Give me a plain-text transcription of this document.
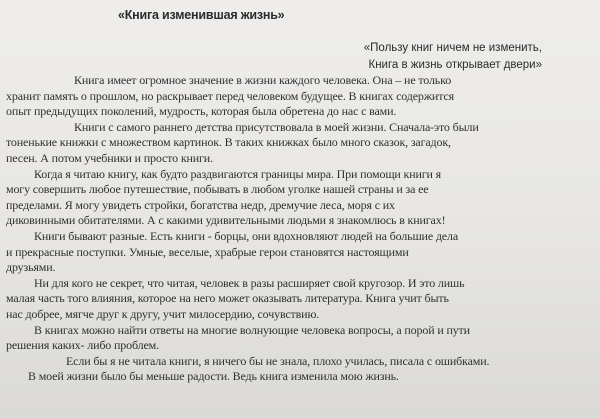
«Книга изменившая жизнь»
«Пользу книг ничем не изменить,
Книга в жизнь открывает двери»
Книга имеет огромное значение в жизни каждого человека. Она – не только
хранит память о прошлом, но раскрывает перед человеком будущее. В книгах содержится
опыт предыдущих поколений, мудрость, которая была обретена до нас с вами.
Книги с самого раннего детства присутствовала в моей жизни. Сначала-это были
тоненькие книжки с множеством картинок. В таких книжках было много сказок, загадок,
песен. А потом учебники и просто книги.
Когда я читаю книгу, как будто раздвигаются границы мира. При помощи книги я
могу совершить любое путешествие, побывать в любом уголке нашей страны и за ее
пределами. Я могу увидеть стройки, богатства недр, дремучие леса, моря с их
диковинными обитателями. А с какими удивительными людьми я знакомлюсь в книгах!
Книги бывают разные. Есть книги - борцы, они вдохновляют людей на большие дела
и прекрасные поступки. Умные, веселые, храбрые герои становятся настоящими
друзьями.
Ни для кого не секрет, что читая, человек в разы расширяет свой кругозор. И это лишь
малая часть того влияния, которое на него может оказывать литература. Книга учит быть
нас добрее, мягче друг к другу, учит милосердию, сочувствию.
В книгах можно найти ответы на многие волнующие человека вопросы, а порой и пути
решения каких- либо проблем.
Если бы я не читала книги, я ничего бы не знала, плохо училась, писала с ошибками.
В моей жизни было бы меньше радости. Ведь книга изменила мою жизнь.
